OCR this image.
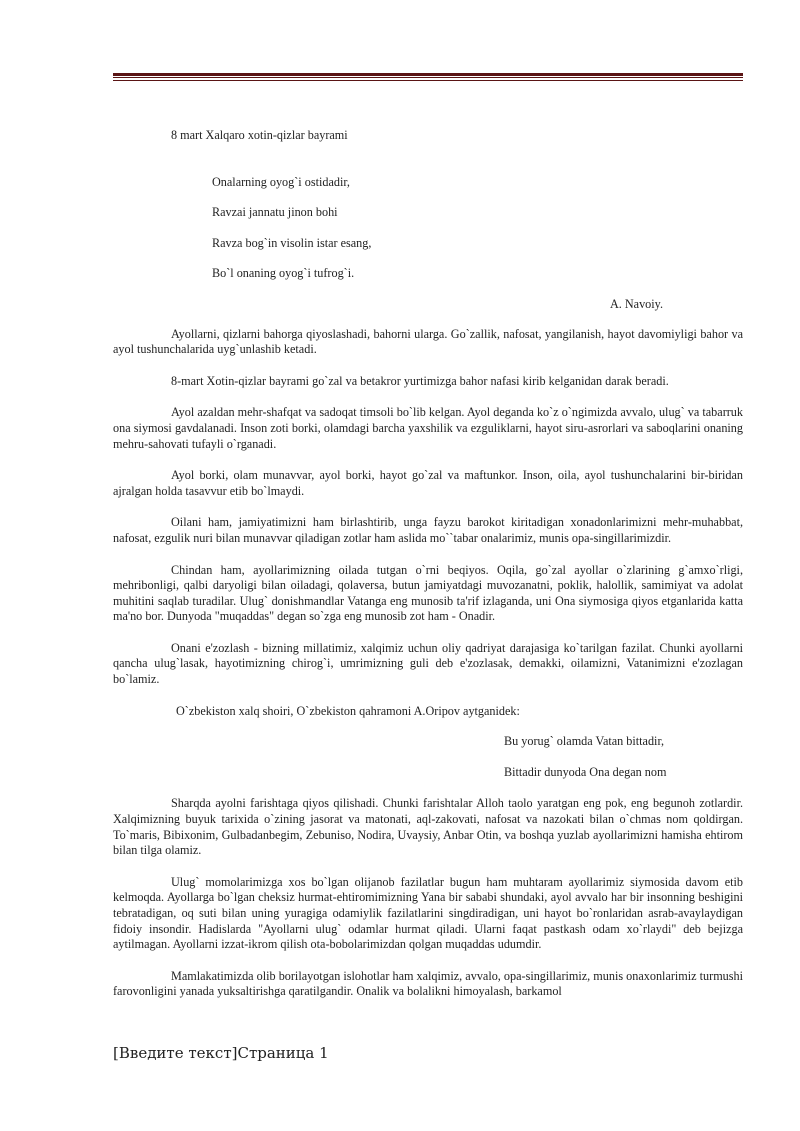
8 mart Xalqaro xotin-qizlar bayrami
Onalarning oyog`i ostidadir,
Ravzai jannatu jinon bohi
Ravza bog`in visolin istar esang,
Bo`l onaning oyog`i tufrog`i.
A. Navoiy.

Ayollarni, qizlarni bahorga qiyoslashadi, bahorni ularga. Go`zallik, nafosat, yangilanish, hayot davomiyligi bahor va ayol tushunchalarida uyg`unlashib ketadi.

8-mart Xotin-qizlar bayrami go`zal va betakror yurtimizga bahor nafasi kirib kelganidan darak beradi.

Ayol azaldan mehr-shafqat va sadoqat timsoli bo`lib kelgan. Ayol deganda ko`z o`ngimizda avvalo, ulug` va tabarruk ona siymosi gavdalanadi. Inson zoti borki, olamdagi barcha yaxshilik va ezguliklarni, hayot siru-asrorlari va saboqlarini onaning mehru-sahovati tufayli o`rganadi.

Ayol borki, olam munavvar, ayol borki, hayot go`zal va maftunkor. Inson, oila, ayol tushunchalarini bir-biridan ajralgan holda tasavvur etib bo`lmaydi.

Oilani ham, jamiyatimizni ham birlashtirib, unga fayzu barokot kiritadigan xonadonlarimizni mehr-muhabbat, nafosat, ezgulik nuri bilan munavvar qiladigan zotlar ham aslida mo``tabar onalarimiz, munis opa-singillarimizdir.

Chindan ham, ayollarimizning oilada tutgan o`rni beqiyos. Oqila, go`zal ayollar o`zlarining g`amxo`rligi, mehribonligi, qalbi daryoligi bilan oiladagi, qolaversa, butun jamiyatdagi muvozanatni, poklik, halollik, samimiyat va adolat muhitini saqlab turadilar. Ulug` donishmandlar Vatanga eng munosib ta'rif izlaganda, uni Ona siymosiga qiyos etganlarida katta ma'no bor. Dunyoda "muqaddas" degan so`zga eng munosib zot ham - Onadir.

Onani e'zozlash - bizning millatimiz, xalqimiz uchun oliy qadriyat darajasiga ko`tarilgan fazilat. Chunki ayollarni qancha ulug`lasak, hayotimizning chirog`i, umrimizning guli deb e'zozlasak, demakki, oilamizni, Vatanimizni e'zozlagan bo`lamiz.

O`zbekiston xalq shoiri, O`zbekiston qahramoni A.Oripov aytganidek:
Bu yorug` olamda Vatan bittadir,
Bittadir dunyoda Ona degan nom

Sharqda ayolni farishtaga qiyos qilishadi. Chunki farishtalar Alloh taolo yaratgan eng pok, eng begunoh zotlardir. Xalqimizning buyuk tarixida o`zining jasorat va matonati, aql-zakovati, nafosat va nazokati bilan o`chmas nom qoldirgan. To`maris, Bibixonim, Gulbadanbegim, Zebuniso, Nodira, Uvaysiy, Anbar Otin, va boshqa yuzlab ayollarimizni hamisha ehtirom bilan tilga olamiz.

Ulug` momolarimizga xos bo`lgan olijanob fazilatlar bugun ham muhtaram ayollarimiz siymosida davom etib kelmoqda. Ayollarga bo`lgan cheksiz hurmat-ehtiromimizning Yana bir sababi shundaki, ayol avvalo har bir insonning beshigini tebratadigan, oq suti bilan uning yuragiga odamiylik fazilatlarini singdiradigan, uni hayot bo`ronlaridan asrab-avaylaydigan fidoiy insondir. Hadislarda "Ayollarni ulug` odamlar hurmat qiladi. Ularni faqat pastkash odam xo`rlaydi" deb bejizga aytilmagan. Ayollarni izzat-ikrom qilish ota-bobolarimizdan qolgan muqaddas udumdir.

Mamlakatimizda olib borilayotgan islohotlar ham xalqimiz, avvalo, opa-singillarimiz, munis onaxonlarimiz turmushi farovonligini yanada yuksaltirishga qaratilgandir. Onalik va bolalikni himoyalash, barkamol

[Введите текст]Страница 1
